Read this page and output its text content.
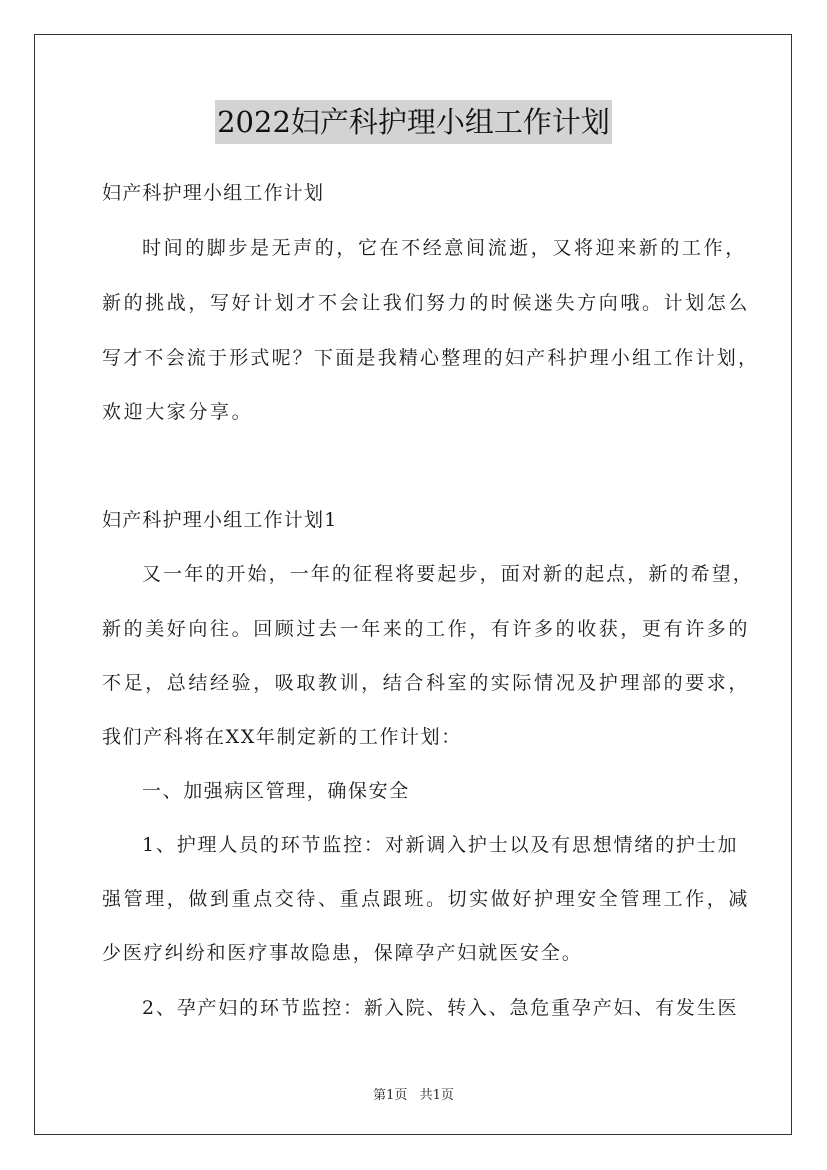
2022妇产科护理小组工作计划
妇产科护理小组工作计划
时间的脚步是无声的，它在不经意间流逝，又将迎来新的工作，
新的挑战，写好计划才不会让我们努力的时候迷失方向哦。计划怎么
写才不会流于形式呢？下面是我精心整理的妇产科护理小组工作计划，
欢迎大家分享。
妇产科护理小组工作计划1
又一年的开始，一年的征程将要起步，面对新的起点，新的希望，
新的美好向往。回顾过去一年来的工作，有许多的收获，更有许多的
不足，总结经验，吸取教训，结合科室的实际情况及护理部的要求，
我们产科将在XX年制定新的工作计划：
一、加强病区管理，确保安全
1、护理人员的环节监控：对新调入护士以及有思想情绪的护士加
强管理，做到重点交待、重点跟班。切实做好护理安全管理工作，减
少医疗纠纷和医疗事故隐患，保障孕产妇就医安全。
2、孕产妇的环节监控：新入院、转入、急危重孕产妇、有发生医
第1页 共1页
